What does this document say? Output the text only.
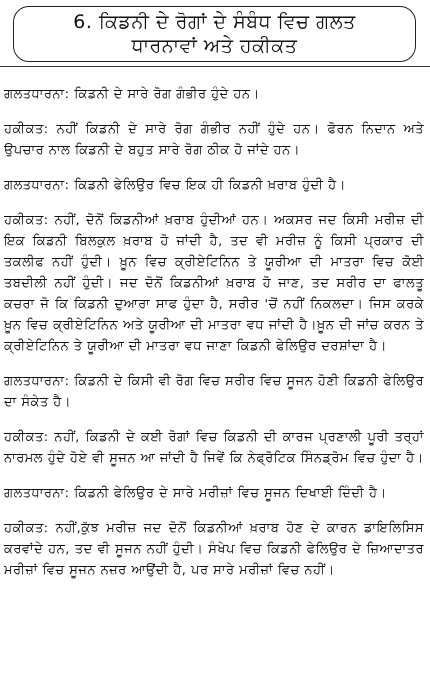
6. ਕਿਡਨੀ ਦੇ ਰੋਗਾਂ ਦੇ ਸੰਬੰਧ ਵਿਚ ਗਲਤ
ਧਾਰਨਾਵਾਂ ਅਤੇ ਹਕੀਕਤ

ਗਲਤਧਾਰਨਾ: ਕਿਡਨੀ ਦੇ ਸਾਰੇ ਰੋਗ ਗੰਭੀਰ ਹੁੰਦੇ ਹਨ।

ਹਕੀਕਤ: ਨਹੀਂ ਕਿਡਨੀ ਦੇ ਸਾਰੇ ਰੋਗ ਗੰਭੀਰ ਨਹੀਂ ਹੁੰਦੇ ਹਨ। ਫੋਰਨ ਨਿਦਾਨ ਅਤੇ ਉਪਚਾਰ ਨਾਲ ਕਿਡਨੀ ਦੇ ਬਹੁਤ ਸਾਰੇ ਰੋਗ ਠੀਕ ਹੋ ਜਾਂਦੇ ਹਨ।

ਗਲਤਧਾਰਨਾ: ਕਿਡਨੀ ਫੇਲਿਉਰ ਵਿਚ ਇਕ ਹੀ ਕਿਡਨੀ ਖ਼ਰਾਬ ਹੁੰਦੀ ਹੈ।

ਹਕੀਕਤ: ਨਹੀਂ, ਦੋਨੋਂ ਕਿਡਨੀਆਂ ਖ਼ਰਾਬ ਹੁੰਦੀਆਂ ਹਨ। ਅਕਸਰ ਜਦ ਕਿਸੀ ਮਰੀਜ਼ ਦੀ ਇਕ ਕਿਡਨੀ ਬਿਲਕੁਲ ਖ਼ਰਾਬ ਹੋ ਜਾਂਦੀ ਹੈ, ਤਦ ਵੀ ਮਰੀਜ਼ ਨੂੰ ਕਿਸੀ ਪ੍ਰਕਾਰ ਦੀ ਤਕਲੀਫ ਨਹੀਂ ਹੁੰਦੀ। ਖ਼ੂਨ ਵਿਚ ਕ੍ਰੀਏਟਿਨਿਨ ਤੇ ਯੂਰੀਆ ਦੀ ਮਾਤਰਾ ਵਿਚ ਕੋਈ ਤਬਦੀਲੀ ਨਹੀਂ ਹੁੰਦੀ। ਜਦ ਦੋਨੋਂ ਕਿਡਨੀਆਂ ਖ਼ਰਾਬ ਹੋ ਜਾਣ, ਤਦ ਸਰੀਰ ਦਾ ਫਾਲਤੂ ਕਚਰਾ ਜੋ ਕਿ ਕਿਡਨੀ ਦੁਆਰਾ ਸਾਫ ਹੁੰਦਾ ਹੈ, ਸਰੀਰ 'ਚੋਂ ਨਹੀਂ ਨਿਕਲਦਾ। ਜਿਸ ਕਰਕੇ ਖ਼ੂਨ ਵਿਚ ਕ੍ਰੀਏਟਿਨਿਨ ਅਤੇ ਯੂਰੀਆ ਦੀ ਮਾਤਰਾ ਵਧ ਜਾਂਦੀ ਹੈ।ਖ਼ੂਨ ਦੀ ਜਾਂਚ ਕਰਨ ਤੇ ਕ੍ਰੀਏਟਿਨਿਨ ਤੇ ਯੂਰੀਆ ਦੀ ਮਾਤਰਾ ਵਧ ਜਾਣਾ ਕਿਡਨੀ ਫੇਲਿਉਰ ਦਰਸ਼ਾਂਦਾ ਹੈ।

ਗਲਤਧਾਰਨਾ: ਕਿਡਨੀ ਦੇ ਕਿਸੀ ਵੀ ਰੋਗ ਵਿਚ ਸਰੀਰ ਵਿਚ ਸੂਜਨ ਹੋਣੀ ਕਿਡਨੀ ਫੇਲਿਉਰ ਦਾ ਸੰਕੇਤ ਹੈ।

ਹਕੀਕਤ: ਨਹੀਂ, ਕਿਡਨੀ ਦੇ ਕਈ ਰੋਗਾਂ ਵਿਚ ਕਿਡਨੀ ਦੀ ਕਾਰਜ ਪ੍ਰਣਾਲੀ ਪੂਰੀ ਤਰ੍ਹਾਂ ਨਾਰਮਲ ਹੁੰਦੇ ਹੋਏ ਵੀ ਸੂਜਨ ਆ ਜਾਂਦੀ ਹੈ ਜਿਵੇਂ ਕਿ ਨੇਫ੍ਰੋਟਿਕ ਸਿੰਨਡ੍ਰੋਮ ਵਿਚ ਹੁੰਦਾ ਹੈ।

ਗਲਤਧਾਰਨਾ: ਕਿਡਨੀ ਫੇਲਿਉਰ ਦੇ ਸਾਰੇ ਮਰੀਜ਼ਾਂ ਵਿਚ ਸੂਜਨ ਦਿਖਾਈ ਦਿੰਦੀ ਹੈ।

ਹਕੀਕਤ: ਨਹੀਂ,ਕੁੱਝ ਮਰੀਜ਼ ਜਦ ਦੋਨੋਂ ਕਿਡਨੀਆਂ ਖ਼ਰਾਬ ਹੋਣ ਦੇ ਕਾਰਨ ਡਾਇਲਿਸਿਸ ਕਰਵਾਂਦੇ ਹਨ, ਤਦ ਵੀ ਸੂਜਨ ਨਹੀਂ ਹੁੰਦੀ। ਸੰਖੇਪ ਵਿਚ ਕਿਡਨੀ ਫੇਲਿਉਰ ਦੇ ਜ਼ਿਆਦਾਤਰ ਮਰੀਜ਼ਾਂ ਵਿਚ ਸੂਜਨ ਨਜ਼ਰ ਆਉਂਦੀ ਹੈ, ਪਰ ਸਾਰੇ ਮਰੀਜ਼ਾਂ ਵਿਚ ਨਹੀਂ।
